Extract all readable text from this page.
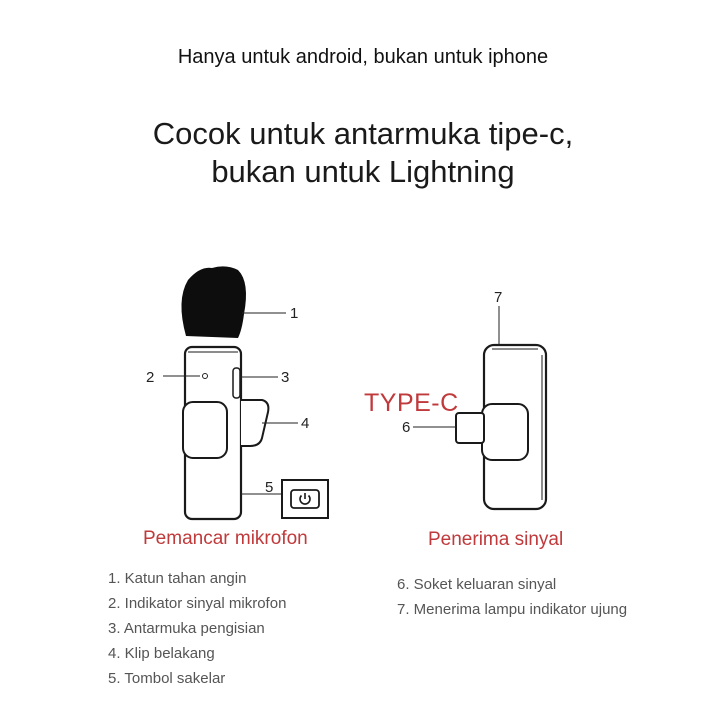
Hanya untuk android, bukan untuk iphone
Cocok untuk antarmuka tipe-c,
bukan untuk Lightning
1
2	3
4
5
6
7
TYPE-C
Pemancar mikrofon	Penerima sinyal
1. Katun tahan angin
2. Indikator sinyal mikrofon
3. Antarmuka pengisian
4. Klip belakang
5. Tombol sakelar
6. Soket keluaran sinyal
7. Menerima lampu indikator ujung
